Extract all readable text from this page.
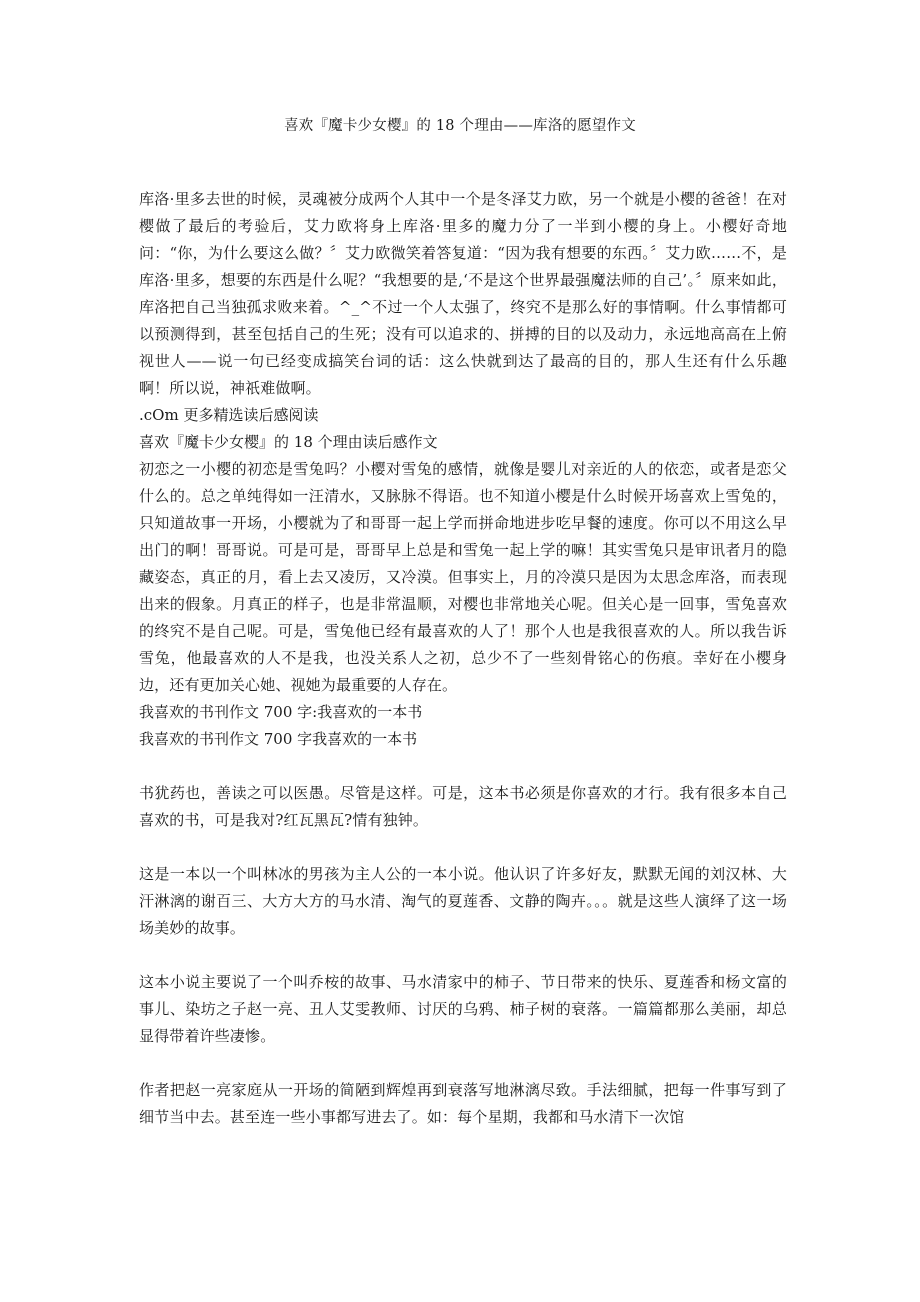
喜欢『魔卡少女樱』的 18 个理由——库洛的愿望作文

库洛·里多去世的时候，灵魂被分成两个人其中一个是冬泽艾力欧，另一个就是小樱的爸爸！在对樱做了最后的考验后，艾力欧将身上库洛·里多的魔力分了一半到小樱的身上。小樱好奇地问：“你，为什么要这么做？〞艾力欧微笑着答复道：“因为我有想要的东西。〞艾力欧……不，是库洛·里多，想要的东西是什么呢？“我想要的是,‘不是这个世界最强魔法师的自己’。〞原来如此，库洛把自己当独孤求败来着。^_^不过一个人太强了，终究不是那么好的事情啊。什么事情都可以预测得到，甚至包括自己的生死；没有可以追求的、拼搏的目的以及动力，永远地高高在上俯视世人——说一句已经变成搞笑台词的话：这么快就到达了最高的目的，那人生还有什么乐趣啊！所以说，神祇难做啊。

.cOm 更多精选读后感阅读

喜欢『魔卡少女樱』的 18 个理由读后感作文

初恋之一小樱的初恋是雪兔吗？小樱对雪兔的感情，就像是婴儿对亲近的人的依恋，或者是恋父什么的。总之单纯得如一汪清水，又脉脉不得语。也不知道小樱是什么时候开场喜欢上雪兔的，只知道故事一开场，小樱就为了和哥哥一起上学而拼命地进步吃早餐的速度。你可以不用这么早出门的啊！哥哥说。可是可是，哥哥早上总是和雪兔一起上学的嘛！其实雪兔只是审讯者月的隐藏姿态，真正的月，看上去又凌厉，又冷漠。但事实上，月的冷漠只是因为太思念库洛，而表现出来的假象。月真正的样子，也是非常温顺，对樱也非常地关心呢。但关心是一回事，雪兔喜欢的终究不是自己呢。可是，雪兔他已经有最喜欢的人了！那个人也是我很喜欢的人。所以我告诉雪兔，他最喜欢的人不是我，也没关系人之初，总少不了一些刻骨铭心的伤痕。幸好在小樱身边，还有更加关心她、视她为最重要的人存在。

我喜欢的书刊作文 700 字:我喜欢的一本书

我喜欢的书刊作文 700 字我喜欢的一本书

书犹药也，善读之可以医愚。尽管是这样。可是，这本书必须是你喜欢的才行。我有很多本自己喜欢的书，可是我对?红瓦黑瓦?情有独钟。

这是一本以一个叫林冰的男孩为主人公的一本小说。他认识了许多好友，默默无闻的刘汉林、大汗淋漓的谢百三、大方大方的马水清、淘气的夏莲香、文静的陶卉。。。就是这些人演绎了这一场场美妙的故事。

这本小说主要说了一个叫乔桉的故事、马水清家中的柿子、节日带来的快乐、夏莲香和杨文富的事儿、染坊之子赵一亮、丑人艾雯教师、讨厌的乌鸦、柿子树的衰落。一篇篇都那么美丽，却总显得带着许些凄惨。

作者把赵一亮家庭从一开场的简陋到辉煌再到衰落写地淋漓尽致。手法细腻，把每一件事写到了细节当中去。甚至连一些小事都写进去了。如：每个星期，我都和马水清下一次馆
